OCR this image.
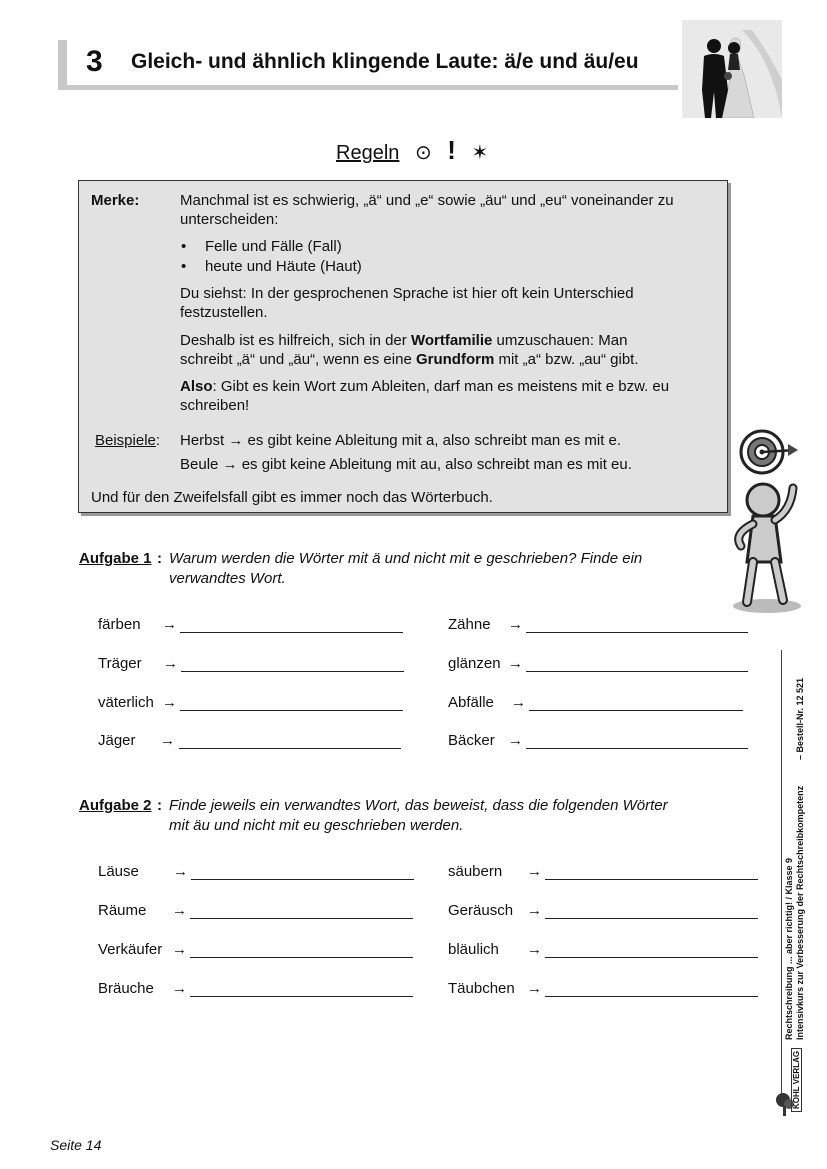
3 Gleich- und ähnlich klingende Laute: ä/e und äu/eu
Regeln ⊙ ! ✶
Merke:	Manchmal ist es schwierig, „ä“ und „e“ sowie „äu“ und „eu“ voneinander zu
unterscheiden:
• Felle und Fälle (Fall)
• heute und Häute (Haut)
Du siehst: In der gesprochenen Sprache ist hier oft kein Unterschied
festzustellen.
Deshalb ist es hilfreich, sich in der Wortfamilie umzuschauen: Man
schreibt „ä“ und „äu“, wenn es eine Grundform mit „a“ bzw. „au“ gibt.
Also: Gibt es kein Wort zum Ableiten, darf man es meistens mit e bzw. eu
schreiben!
Beispiele: Herbst → es gibt keine Ableitung mit a, also schreibt man es mit e.
Beule → es gibt keine Ableitung mit au, also schreibt man es mit eu.
Und für den Zweifelsfall gibt es immer noch das Wörterbuch.
Aufgabe 1 : Warum werden die Wörter mit ä und nicht mit e geschrieben? Finde ein
verwandtes Wort.
färben →	Zähne →
Träger →	glänzen →
väterlich →	Abfälle →
Jäger →	Bäcker →
Aufgabe 2 : Finde jeweils ein verwandtes Wort, das beweist, dass die folgenden Wörter
mit äu und nicht mit eu geschrieben werden.
Läuse →	säubern →
Räume →	Geräusch →
Verkäufer →	bläulich →
Bräuche →	Täubchen →	Rechtschreibung ... aber richtig! / Klasse 9 Intensivkurs zur Verbesserung der Rechtschreibkompetenz
– Bestell-Nr. 12 521
KOHL VERLAG
Seite 14
